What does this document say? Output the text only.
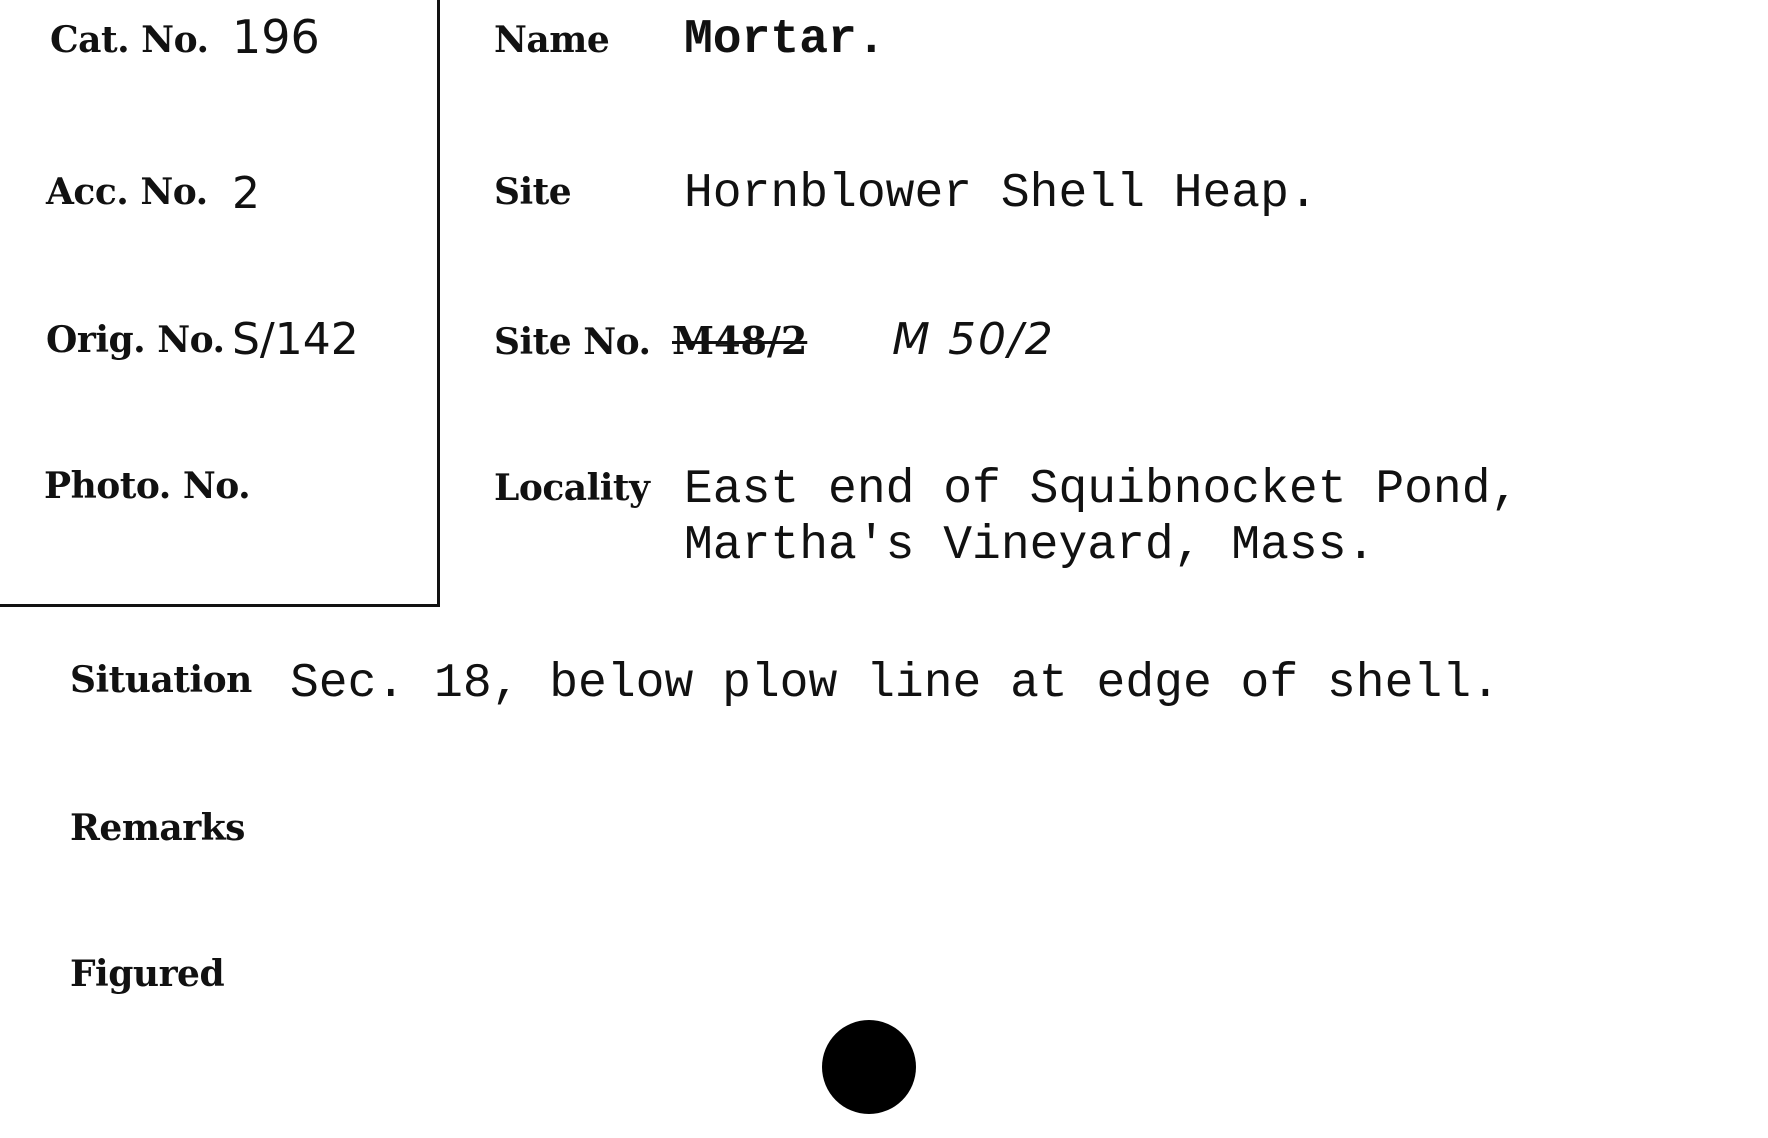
Cat. No. 196
Acc. No. 2
Orig. No. S/142
Photo. No.
Name Mortar.
Site Hornblower Shell Heap.
Site No. M48/2 M 50/2
Locality East end of Squibnocket Pond,
Martha's Vineyard, Mass.
Situation Sec. 18, below plow line at edge of shell.
Remarks
Figured
